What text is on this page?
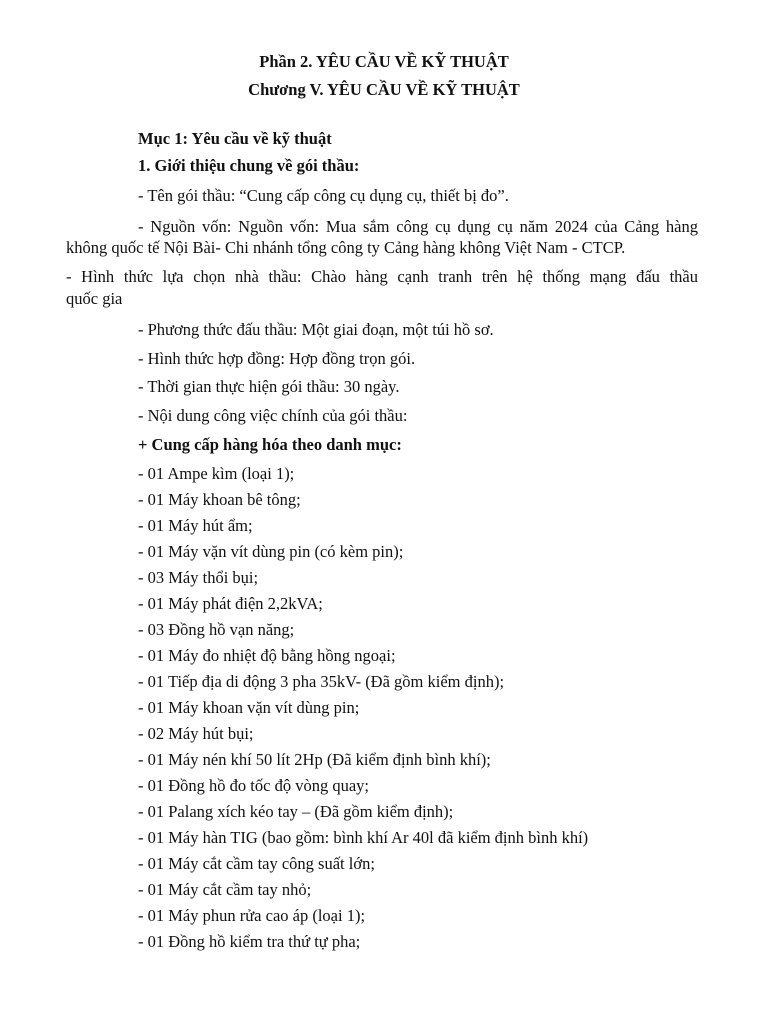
Phần 2. YÊU CẦU VỀ KỸ THUẬT
Chương V. YÊU CẦU VỀ KỸ THUẬT
Mục 1: Yêu cầu về kỹ thuật
1. Giới thiệu chung về gói thầu:
- Tên gói thầu: “Cung cấp công cụ dụng cụ, thiết bị đo”.
- Nguồn vốn: Nguồn vốn: Mua sắm công cụ dụng cụ năm 2024 của Cảng hàng
không quốc tế Nội Bài- Chi nhánh tổng công ty Cảng hàng không Việt Nam - CTCP.
- Hình thức lựa chọn nhà thầu: Chào hàng cạnh tranh trên hệ thống mạng đấu thầu
quốc gia
- Phương thức đấu thầu: Một giai đoạn, một túi hồ sơ.
- Hình thức hợp đồng: Hợp đồng trọn gói.
- Thời gian thực hiện gói thầu: 30 ngày.
- Nội dung công việc chính của gói thầu:
+ Cung cấp hàng hóa theo danh mục:
- 01 Ampe kìm (loại 1);
- 01 Máy khoan bê tông;
- 01 Máy hút ẩm;
- 01 Máy vặn vít dùng pin (có kèm pin);
- 03 Máy thổi bụi;
- 01 Máy phát điện 2,2kVA;
- 03 Đồng hồ vạn năng;
- 01 Máy đo nhiệt độ bằng hồng ngoại;
- 01 Tiếp địa di động 3 pha 35kV- (Đã gồm kiểm định);
- 01 Máy khoan vặn vít dùng pin;
- 02 Máy hút bụi;
- 01 Máy nén khí 50 lít 2Hp (Đã kiểm định bình khí);
- 01 Đồng hồ đo tốc độ vòng quay;
- 01 Palang xích kéo tay – (Đã gồm kiểm định);
- 01 Máy hàn TIG (bao gồm: bình khí Ar 40l đã kiểm định bình khí)
- 01 Máy cắt cầm tay công suất lớn;
- 01 Máy cắt cầm tay nhỏ;
- 01 Máy phun rửa cao áp (loại 1);
- 01 Đồng hồ kiểm tra thứ tự pha;
